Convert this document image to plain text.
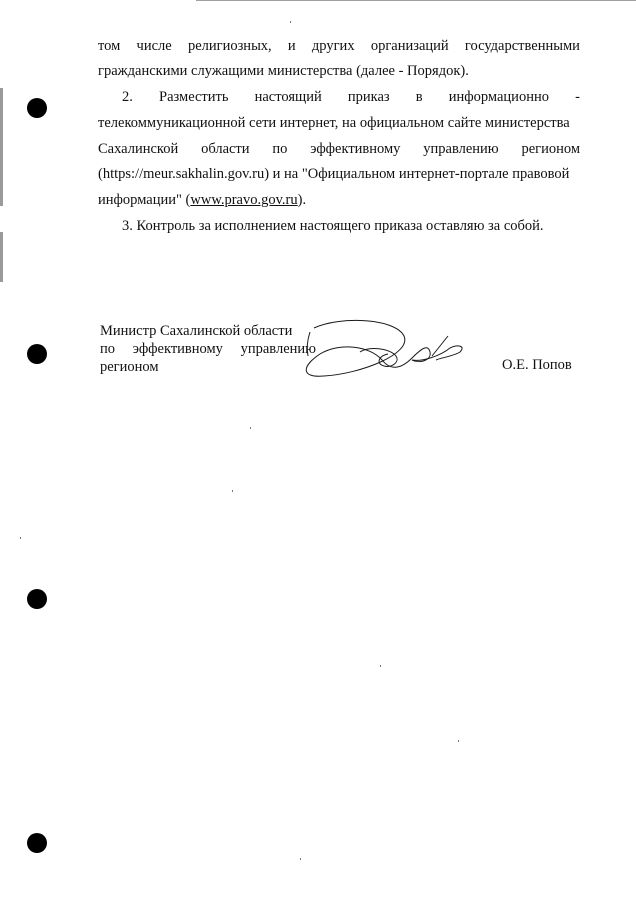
том числе религиозных, и других организаций государственными
гражданскими служащими министерства (далее - Порядок).
2. Разместить настоящий приказ в информационно -
телекоммуникационной сети интернет, на официальном сайте министерства
Сахалинской области по эффективному управлению регионом
(https://meur.sakhalin.gov.ru) и на "Официальном интернет-портале правовой
информации" (www.pravo.gov.ru).
3. Контроль за исполнением настоящего приказа оставляю за собой.
Министр Сахалинской области
по эффективному управлению
регионом	О.Е. Попов
